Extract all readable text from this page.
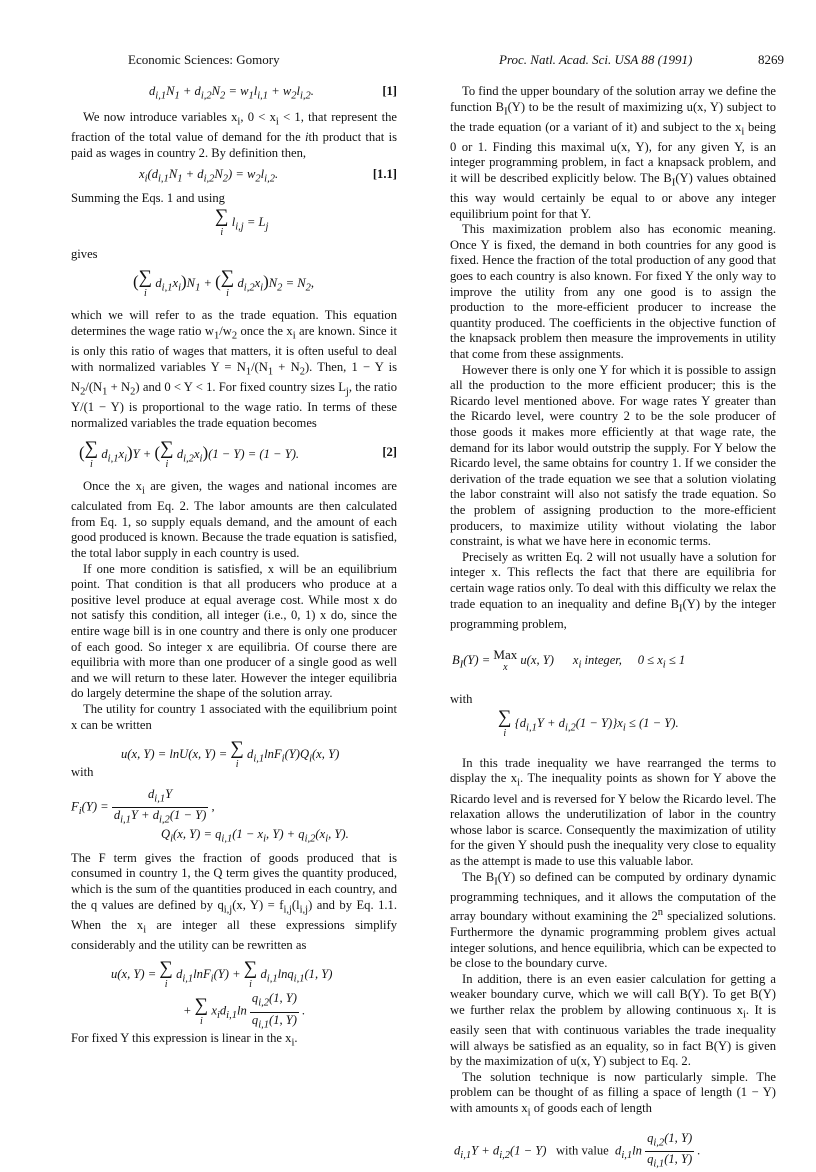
Economic Sciences: Gomory	Proc. Natl. Acad. Sci. USA 88 (1991)	8269
$d_{i,1}N_1 + d_{i,2}N_2 = w_1l_{i,1} + w_2l_{i,2}$.	[1]

We now introduce variables $x_i$, $0 < x_i < 1$, that represent the fraction of the total value of demand for the ith product that is paid as wages in country 2. By definition then,

$x_i(d_{i,1}N_1 + d_{i,2}N_2) = w_2l_{i,2}$.	[1.1]

Summing the Eqs. 1 and using

∑
i
$l_{i,j} = L_j$

gives

( ∑
i
$d_{i,1}x_i)N_1$ + ( ∑
i
$d_{i,2}x_i)N_2 = N_2$,

which we will refer to as the trade equation. This equation determines the wage ratio $w_1/w_2$ once the $x_i$ are known. Since it is only this ratio of wages that matters, it is often useful to deal with normalized variables $Y = N_1/(N_1 + N_2)$. Then, 1 − Y is $N_2/(N_1 + N_2)$ and 0 < Y < 1. For fixed country sizes $L_j$, the ratio Y/(1 − Y) is proportional to the wage ratio. In terms of these normalized variables the trade equation becomes

( ∑
i
$d_{i,1}x_i)Y$ + ( ∑
i
$d_{i,2}x_i)(1 - Y) = (1 - Y)$.	[2]

Once the $x_i$ are given, the wages and national incomes are calculated from Eq. 2. The labor amounts are then calculated from Eq. 1, so supply equals demand, and the amount of each good produced is known. Because the trade equation is satisfied, the total labor supply in each country is used.

If one more condition is satisfied, x will be an equilibrium point. That condition is that all producers who produce at a positive level produce at equal average cost. While most x do not satisfy this condition, all integer (i.e., 0, 1) x do, since the entire wage bill is in one country and there is only one producer of each good. So integer x are equilibria. Of course there are equilibria with more than one producer of a single good as well and we will return to these later. However the integer equilibria do largely determine the shape of the solution array.

The utility for country 1 associated with the equilibrium point x can be written

u(x, Y) = lnU(x, Y) = ∑
i
$d_{i,1}\ln F_i(Y)Q_i(x$, Y)

with

$F_i(Y) = \frac{d_{i,1}Y}{d_{i,1}Y + d_{i,2}(1 - Y)}$ ,
$Q_i(x$, $Y) = q_{i,1}(1 - x_i$, $Y) + q_{i,2}(x_i$, Y).

The F term gives the fraction of goods produced that is consumed in country 1, the Q term gives the quantity produced, which is the sum of the quantities produced in each country, and the q values are defined by $q_{i,j}(x$, $Y) = f_{i,j}(l_{i,j})$ and by Eq. 1.1. When the $x_i$ are integer all these expressions simplify considerably and the utility can be rewritten as

u(x, Y) = ∑
i
$d_{i,1}\ln F_i(Y)$ + ∑
i
$d_{i,1}\ln q_{i,1}(1$, Y)
+ ∑
i
$x_id_{i,1}\ln \frac{q_{i,2}(1, Y)}{q_{i,1}(1, Y)}$ .

For fixed Y this expression is linear in the $x_i$.

To find the upper boundary of the solution array we define the function $B_I(Y)$ to be the result of maximizing u(x, Y) subject to the trade equation (or a variant of it) and subject to the $x_i$ being 0 or 1. Finding this maximal u(x, Y), for any given Y, is an integer programming problem, in fact a knapsack problem, and it will be described explicitly below. The $B_I(Y)$ values obtained this way would certainly be equal to or above any integer equilibrium point for that Y.

This maximization problem also has economic meaning. Once Y is fixed, the demand in both countries for any good is fixed. Hence the fraction of the total production of any good that goes to each country is also known. For fixed Y the only way to improve the utility from any one good is to assign the production to the more-efficient producer to increase the quantity produced. The coefficients in the objective function of the knapsack problem then measure the improvements in utility that come from these assignments.

However there is only one Y for which it is possible to assign all the production to the more efficient producer; this is the Ricardo level mentioned above. For wage rates Y greater than the Ricardo level, were country 2 to be the sole producer of those goods it makes more efficiently at that wage rate, the demand for its labor would outstrip the supply. For Y below the Ricardo level, the same obtains for country 1. If we consider the derivation of the trade equation we see that a solution violating the labor constraint will also not satisfy the trade equation. So the problem of assigning production to the more-efficient producers, to maximize utility without violating the labor constraint, is what we have here in economic terms.

Precisely as written Eq. 2 will not usually have a solution for integer x. This reflects the fact that there are equilibria for certain wage ratios only. To deal with this difficulty we relax the trade equation to an inequality and define $B_I(Y)$ by the integer programming problem,

$B_I(Y)$ = Max
x
u(x, Y)      $x_i$ integer,     $0 \le x_i \le 1$

with

∑
i
$\{d_{i,1}Y + d_{i,2}(1 - Y)\}x_i \le (1 - Y)$.

In this trade inequality we have rearranged the terms to display the $x_i$. The inequality points as shown for Y above the Ricardo level and is reversed for Y below the Ricardo level. The relaxation allows the underutilization of labor in the country whose labor is scarce. Consequently the maximization of utility for the given Y should push the inequality very close to equality as the attempt is made to use this valuable labor.

The $B_I(Y)$ so defined can be computed by ordinary dynamic programming techniques, and it allows the computation of the array boundary without examining the 2$^n$ specialized solutions. Furthermore the dynamic programming problem gives actual integer solutions, and hence equilibria, which can be expected to be close to the boundary curve.

In addition, there is an even easier calculation for getting a weaker boundary curve, which we will call B(Y). To get B(Y) we further relax the problem by allowing continuous $x_i$. It is easily seen that with continuous variables the trade inequality will always be satisfied as an equality, so in fact B(Y) is given by the maximization of u(x, Y) subject to Eq. 2.

The solution technique is now particularly simple. The problem can be thought of as filling a space of length (1 − Y) with amounts $x_i$ of goods each of length

$d_{i,1}Y + d_{i,2}(1 - Y)$   with value  $d_{i,1}\ln \frac{q_{i,2}(1, Y)}{q_{i,1}(1, Y)}$ .
